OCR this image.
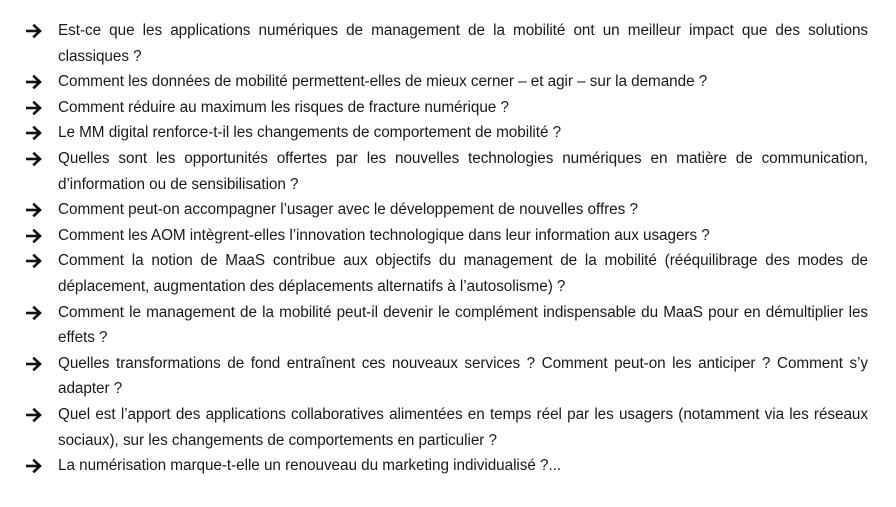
Est-ce que les applications numériques de management de la mobilité ont un meilleur impact que des solutions classiques ?
Comment les données de mobilité permettent-elles de mieux cerner – et agir – sur la demande ?
Comment réduire au maximum les risques de fracture numérique ?
Le MM digital renforce-t-il les changements de comportement de mobilité ?
Quelles sont les opportunités offertes par les nouvelles technologies numériques en matière de communication, d’information ou de sensibilisation ?
Comment peut-on accompagner l’usager avec le développement de nouvelles offres ?
Comment les AOM intègrent-elles l’innovation technologique dans leur information aux usagers ?
Comment la notion de MaaS contribue aux objectifs du management de la mobilité (rééquilibrage des modes de déplacement, augmentation des déplacements alternatifs à l’autosolisme) ?
Comment le management de la mobilité peut-il devenir le complément indispensable du MaaS pour en démultiplier les effets ?
Quelles transformations de fond entraînent ces nouveaux services ? Comment peut-on les anticiper ? Comment s’y adapter ?
Quel est l’apport des applications collaboratives alimentées en temps réel par les usagers (notamment via les réseaux sociaux), sur les changements de comportements en particulier ?
La numérisation marque-t-elle un renouveau du marketing individualisé ?...
